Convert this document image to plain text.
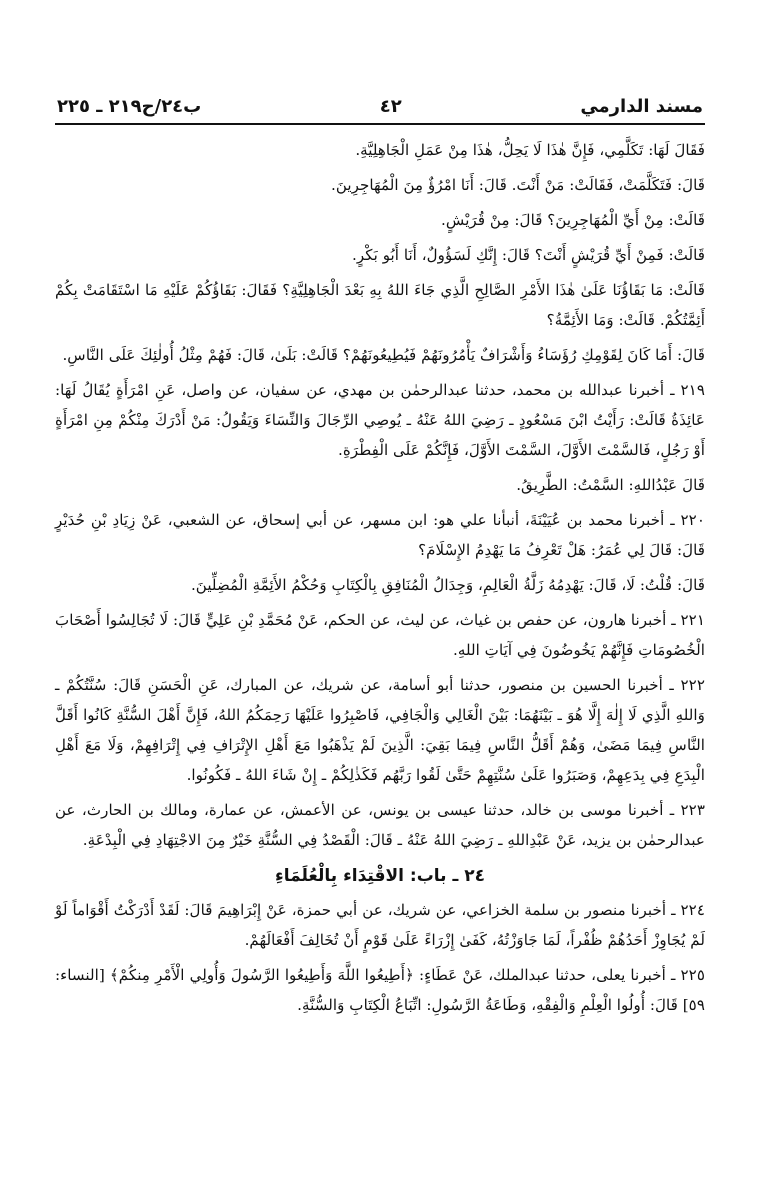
مسند الدارمي
٤٢
ب٢٤/ح٢١٩ ـ ٢٢٥

فَقَالَ لَهَا: تَكَلَّمِي، فَإِنَّ هٰذَا لَا يَحِلُّ، هٰذَا مِنْ عَمَلِ الْجَاهِلِيَّةِ.

قَالَ: فَتَكَلَّمَتْ، فَقَالَتْ: مَنْ أَنْتَ. قَالَ: أَنَا امْرُؤٌ مِنَ الْمُهَاجِرِينَ.

قَالَتْ: مِنْ أَيِّ الْمُهَاجِرِينَ؟ قَالَ: مِنْ قُرَيْشٍ.

قَالَتْ: فَمِنْ أَيِّ قُرَيْشٍ أَنْتَ؟ قَالَ: إِنَّكِ لَسَؤُولٌ، أَنَا أَبُو بَكْرٍ.

قَالَتْ: مَا بَقَاؤُنَا عَلَىٰ هٰذَا الأَمْرِ الصَّالِحِ الَّذِي جَاءَ اللهُ بِهِ بَعْدَ الْجَاهِلِيَّةِ؟ فَقَالَ: بَقَاؤُكُمْ عَلَيْهِ مَا اسْتَقَامَتْ بِكُمْ أَئِمَّتُكُمْ. قَالَتْ: وَمَا الأَئِمَّةُ؟

قَالَ: أَمَا كَانَ لِقَوْمِكِ رُؤَسَاءُ وَأَشْرَافٌ يَأْمُرُونَهُمْ فَيُطِيعُونَهُمْ؟ قَالَتْ: بَلَىٰ، قَالَ: فَهُمْ مِثْلُ أُولٰئِكَ عَلَى النَّاسِ.

٢١٩ ـ أخبرنا عبدالله بن محمد، حدثنا عبدالرحمٰن بن مهدي، عن سفيان، عن واصل، عَنِ امْرَأَةٍ يُقَالُ لَهَا: عَائِذَةُ قَالَتْ: رَأَيْتُ ابْنَ مَسْعُودٍ ـ رَضِيَ اللهُ عَنْهُ ـ يُوصِي الرِّجَالَ وَالنِّسَاءَ وَيَقُولُ: مَنْ أَدْرَكَ مِنْكُمْ مِنِ امْرَأَةٍ أَوْ رَجُلٍ، فَالسَّمْتَ الأَوَّلَ، السَّمْتَ الأَوَّلَ، فَإِنَّكُمْ عَلَى الْفِطْرَةِ.

قَالَ عَبْدُاللهِ: السَّمْتُ: الطَّرِيقُ.

٢٢٠ ـ أخبرنا محمد بن عُيَيْنَةَ، أنبأنا علي هو: ابن مسهر، عن أبي إسحاق، عن الشعبي، عَنْ زِيَادِ بْنِ حُدَيْرٍ قَالَ: قَالَ لِي عُمَرُ: هَلْ تَعْرِفُ مَا يَهْدِمُ الإِسْلَامَ؟

قَالَ: قُلْتُ: لَا، قَالَ: يَهْدِمُهُ زَلَّةُ الْعَالِمِ، وَجِدَالُ الْمُنَافِقِ بِالْكِتَابِ وَحُكْمُ الأَئِمَّةِ الْمُضِلِّينَ.

٢٢١ ـ أخبرنا هارون، عن حفص بن غياث، عن ليث، عن الحكم، عَنْ مُحَمَّدِ بْنِ عَلِيٍّ قَالَ: لَا تُجَالِسُوا أَصْحَابَ الْخُصُومَاتِ فَإِنَّهُمْ يَخُوضُونَ فِي آيَاتِ اللهِ.

٢٢٢ ـ أخبرنا الحسين بن منصور، حدثنا أبو أسامة، عن شريك، عن المبارك، عَنِ الْحَسَنِ قَالَ: سُنَّتُكُمْ ـ وَاللهِ الَّذِي لَا إِلٰهَ إِلَّا هُوَ ـ بَيْنَهُمَا: بَيْنَ الْغَالِي وَالْجَافِي، فَاصْبِرُوا عَلَيْهَا رَحِمَكُمُ اللهُ، فَإِنَّ أَهْلَ السُّنَّةِ كَانُوا أَقَلَّ النَّاسِ فِيمَا مَضَىٰ، وَهُمْ أَقَلُّ النَّاسِ فِيمَا بَقِيَ: الَّذِينَ لَمْ يَذْهَبُوا مَعَ أَهْلِ الإِتْرَافِ فِي إِتْرَافِهِمْ، وَلَا مَعَ أَهْلِ الْبِدَعِ فِي بِدَعِهِمْ، وَصَبَرُوا عَلَىٰ سُنَّتِهِمْ حَتَّىٰ لَقُوا رَبَّهُم فَكَذٰلِكُمْ ـ إِنْ شَاءَ اللهُ ـ فَكُونُوا.

٢٢٣ ـ أخبرنا موسى بن خالد، حدثنا عيسى بن يونس، عن الأعمش، عن عمارة، ومالك بن الحارث، عن عبدالرحمٰن بن يزيد، عَنْ عَبْدِاللهِ ـ رَضِيَ اللهُ عَنْهُ ـ قَالَ: الْقَصْدُ فِي السُّنَّةِ خَيْرٌ مِنَ الاجْتِهَادِ فِي الْبِدْعَةِ.

٢٤ ـ باب: الاقْتِدَاء بِالْعُلَمَاءِ

٢٢٤ ـ أخبرنا منصور بن سلمة الخزاعي، عن شريك، عن أبي حمزة، عَنْ إِبْرَاهِيمَ قَالَ: لَقَدْ أَدْرَكْتُ أَقْوَاماً لَوْ لَمْ يُجَاوِزْ أَحَدُهُمْ ظُفْراً، لَمَا جَاوَزْتُهُ، كَفَىٰ إِزْرَاءً عَلَىٰ قَوْمٍ أَنْ تُخَالِفَ أَفْعَالَهُمْ.

٢٢٥ ـ أخبرنا يعلى، حدثنا عبدالملك، عَنْ عَطَاءٍ: ﴿أَطِيعُوا اللَّهَ وَأَطِيعُوا الرَّسُولَ وَأُولِي الْأَمْرِ مِنكُمْ﴾ [النساء: ٥٩] قَالَ: أُولُوا الْعِلْمِ وَالْفِقْهِ، وَطَاعَةُ الرَّسُولِ: اتِّبَاعُ الْكِتَابِ وَالسُّنَّةِ.
